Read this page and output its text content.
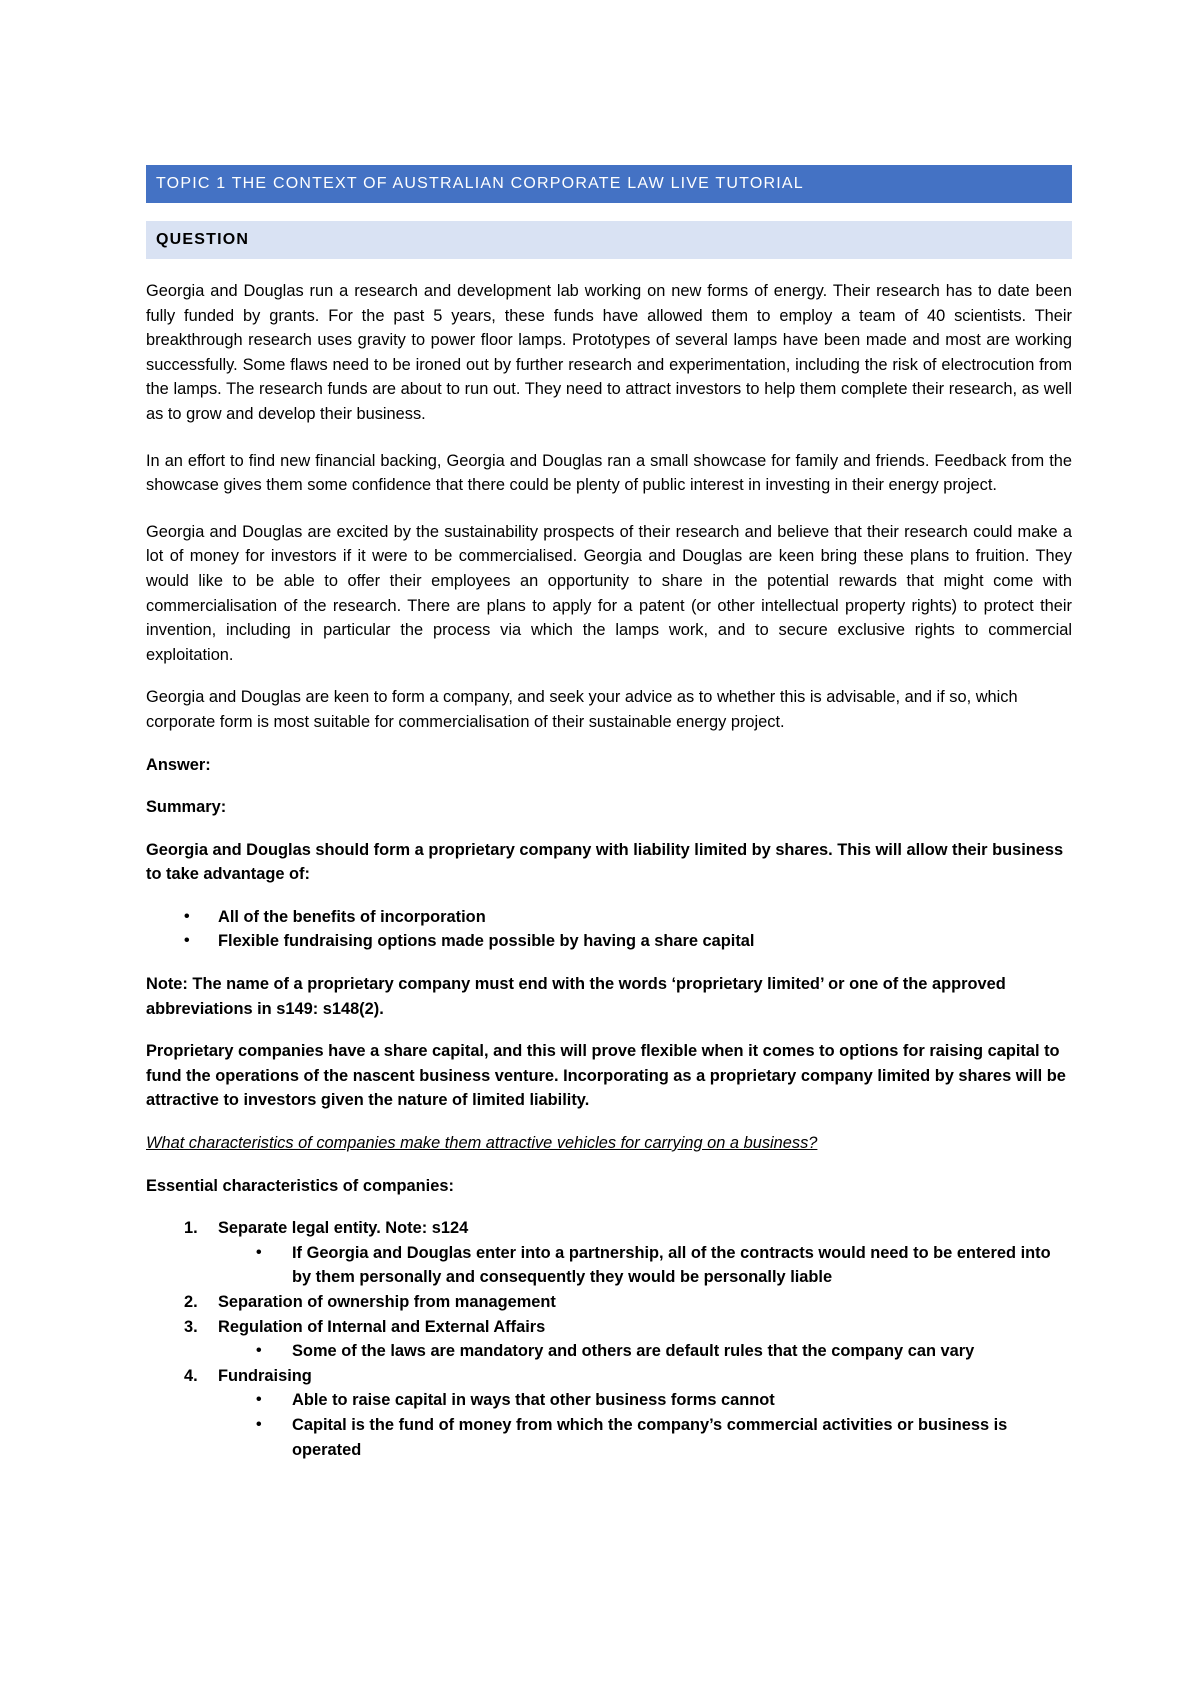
TOPIC 1 THE CONTEXT OF AUSTRALIAN CORPORATE LAW LIVE TUTORIAL
QUESTION

Georgia and Douglas run a research and development lab working on new forms of energy. Their research has to date been fully funded by grants. For the past 5 years, these funds have allowed them to employ a team of 40 scientists. Their breakthrough research uses gravity to power floor lamps. Prototypes of several lamps have been made and most are working successfully. Some flaws need to be ironed out by further research and experimentation, including the risk of electrocution from the lamps. The research funds are about to run out. They need to attract investors to help them complete their research, as well as to grow and develop their business.

In an effort to find new financial backing, Georgia and Douglas ran a small showcase for family and friends. Feedback from the showcase gives them some confidence that there could be plenty of public interest in investing in their energy project.

Georgia and Douglas are excited by the sustainability prospects of their research and believe that their research could make a lot of money for investors if it were to be commercialised. Georgia and Douglas are keen bring these plans to fruition. They would like to be able to offer their employees an opportunity to share in the potential rewards that might come with commercialisation of the research. There are plans to apply for a patent (or other intellectual property rights) to protect their invention, including in particular the process via which the lamps work, and to secure exclusive rights to commercial exploitation.

Georgia and Douglas are keen to form a company, and seek your advice as to whether this is advisable, and if so, which corporate form is most suitable for commercialisation of their sustainable energy project.

Answer:

Summary:

Georgia and Douglas should form a proprietary company with liability limited by shares. This will allow their business to take advantage of:

• All of the benefits of incorporation
• Flexible fundraising options made possible by having a share capital

Note: The name of a proprietary company must end with the words ‘proprietary limited’ or one of the approved abbreviations in s149: s148(2).

Proprietary companies have a share capital, and this will prove flexible when it comes to options for raising capital to fund the operations of the nascent business venture. Incorporating as a proprietary company limited by shares will be attractive to investors given the nature of limited liability.

What characteristics of companies make them attractive vehicles for carrying on a business?

Essential characteristics of companies:

1. Separate legal entity. Note: s124
• If Georgia and Douglas enter into a partnership, all of the contracts would need to be entered into by them personally and consequently they would be personally liable
2. Separation of ownership from management
3. Regulation of Internal and External Affairs
• Some of the laws are mandatory and others are default rules that the company can vary
4. Fundraising
• Able to raise capital in ways that other business forms cannot
• Capital is the fund of money from which the company’s commercial activities or business is operated
